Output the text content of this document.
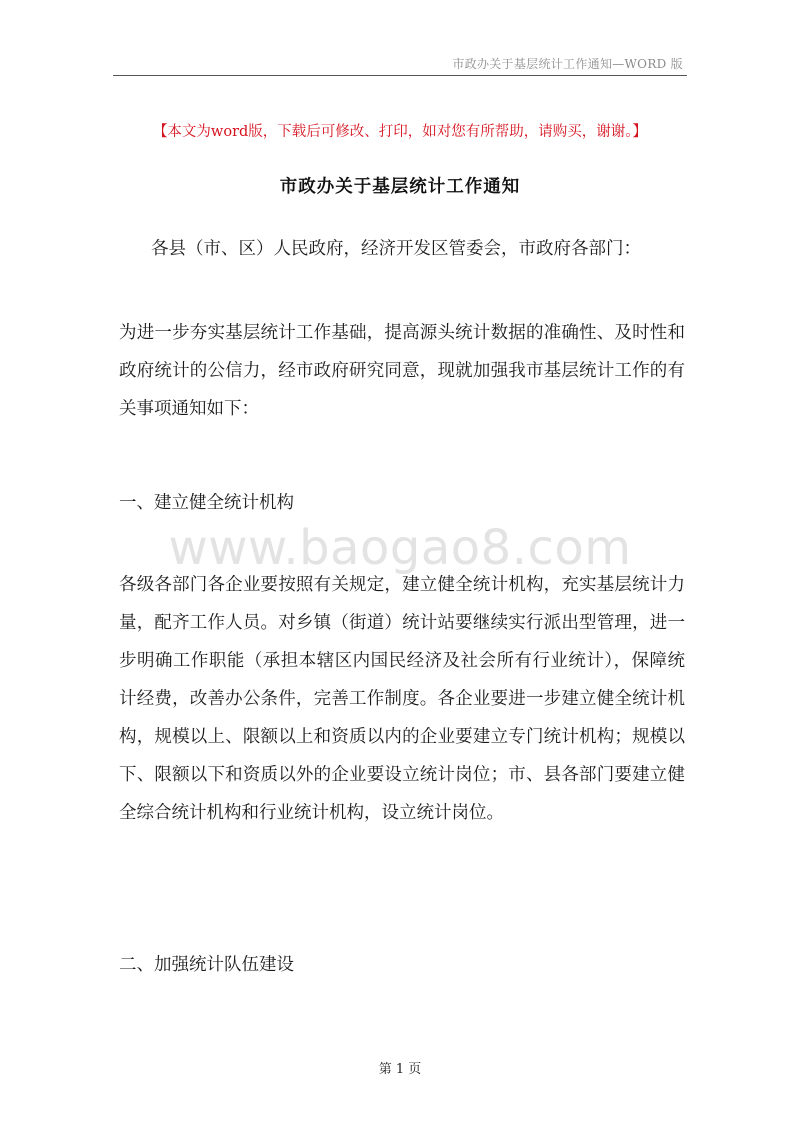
市政办关于基层统计工作通知—WORD 版
【本文为word版，下载后可修改、打印，如对您有所帮助，请购买，谢谢。】
市政办关于基层统计工作通知

各县（市、区）人民政府，经济开发区管委会，市政府各部门：

为进一步夯实基层统计工作基础，提高源头统计数据的准确性、及时性和政府统计的公信力，经市政府研究同意，现就加强我市基层统计工作的有关事项通知如下：

一、建立健全统计机构

www.baogao8.com

各级各部门各企业要按照有关规定，建立健全统计机构，充实基层统计力量，配齐工作人员。对乡镇（街道）统计站要继续实行派出型管理，进一步明确工作职能（承担本辖区内国民经济及社会所有行业统计），保障统计经费，改善办公条件，完善工作制度。各企业要进一步建立健全统计机构，规模以上、限额以上和资质以内的企业要建立专门统计机构；规模以下、限额以下和资质以外的企业要设立统计岗位；市、县各部门要建立健全综合统计机构和行业统计机构，设立统计岗位。

二、加强统计队伍建设

第 1 页
